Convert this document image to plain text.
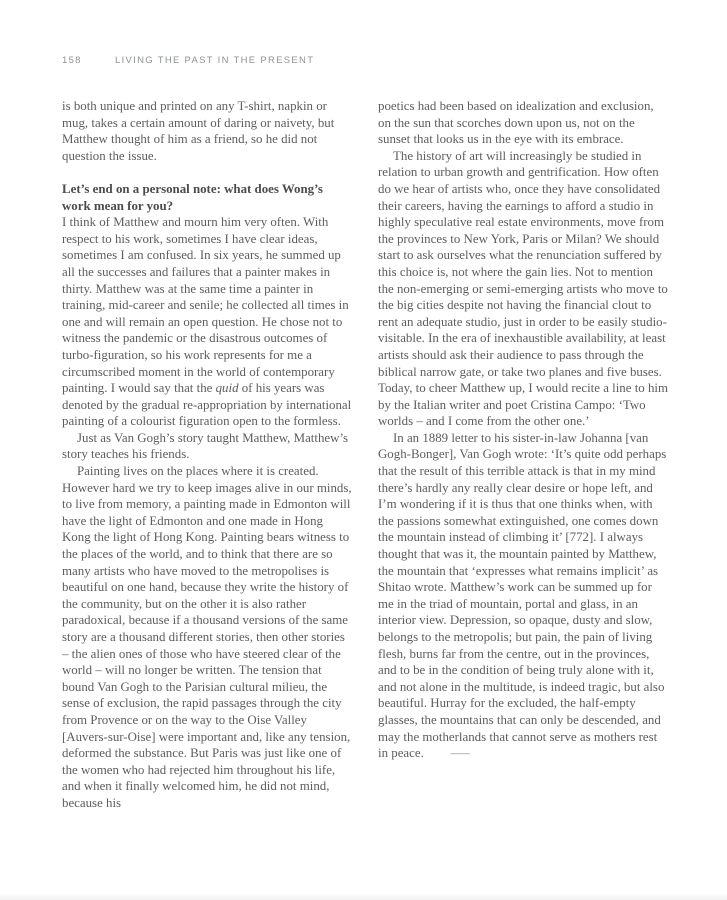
158	LIVING THE PAST IN THE PRESENT

is both unique and printed on any T-shirt, napkin or mug, takes a certain amount of daring or naivety, but Matthew thought of him as a friend, so he did not question the issue.

Let’s end on a personal note: what does Wong’s work mean for you?

I think of Matthew and mourn him very often. With respect to his work, sometimes I have clear ideas, sometimes I am confused. In six years, he summed up all the successes and failures that a painter makes in thirty. Matthew was at the same time a painter in training, mid-career and senile; he collected all times in one and will remain an open question. He chose not to witness the pandemic or the disastrous outcomes of turbo-figuration, so his work represents for me a circumscribed moment in the world of contemporary painting. I would say that the quid of his years was denoted by the gradual re-appropriation by international painting of a colourist figuration open to the formless.

Just as Van Gogh’s story taught Matthew, Matthew’s story teaches his friends.

Painting lives on the places where it is created. However hard we try to keep images alive in our minds, to live from memory, a painting made in Edmonton will have the light of Edmonton and one made in Hong Kong the light of Hong Kong. Painting bears witness to the places of the world, and to think that there are so many artists who have moved to the metropolises is beautiful on one hand, because they write the history of the community, but on the other it is also rather paradoxical, because if a thousand versions of the same story are a thousand different stories, then other stories – the alien ones of those who have steered clear of the world – will no longer be written. The tension that bound Van Gogh to the Parisian cultural milieu, the sense of exclusion, the rapid passages through the city from Provence or on the way to the Oise Valley [Auvers-sur-Oise] were important and, like any tension, deformed the substance. But Paris was just like one of the women who had rejected him throughout his life, and when it finally welcomed him, he did not mind, because his

poetics had been based on idealization and exclusion, on the sun that scorches down upon us, not on the sunset that looks us in the eye with its embrace.

The history of art will increasingly be studied in relation to urban growth and gentrification. How often do we hear of artists who, once they have consolidated their careers, having the earnings to afford a studio in highly speculative real estate environments, move from the provinces to New York, Paris or Milan? We should start to ask ourselves what the renunciation suffered by this choice is, not where the gain lies. Not to mention the non-emerging or semi-emerging artists who move to the big cities despite not having the financial clout to rent an adequate studio, just in order to be easily studio-visitable. In the era of inexhaustible availability, at least artists should ask their audience to pass through the biblical narrow gate, or take two planes and five buses. Today, to cheer Matthew up, I would recite a line to him by the Italian writer and poet Cristina Campo: ‘Two worlds – and I come from the other one.’

In an 1889 letter to his sister-in-law Johanna [van Gogh-Bonger], Van Gogh wrote: ‘It’s quite odd perhaps that the result of this terrible attack is that in my mind there’s hardly any really clear desire or hope left, and I’m wondering if it is thus that one thinks when, with the passions somewhat extinguished, one comes down the mountain instead of climbing it’ [772]. I always thought that was it, the mountain painted by Matthew, the mountain that ‘expresses what remains implicit’ as Shitao wrote. Matthew’s work can be summed up for me in the triad of mountain, portal and glass, in an interior view. Depression, so opaque, dusty and slow, belongs to the metropolis; but pain, the pain of living flesh, burns far from the centre, out in the provinces, and to be in the condition of being truly alone with it, and not alone in the multitude, is indeed tragic, but also beautiful. Hurray for the excluded, the half-empty glasses, the mountains that can only be descended, and may the motherlands that cannot serve as mothers rest in peace. —
